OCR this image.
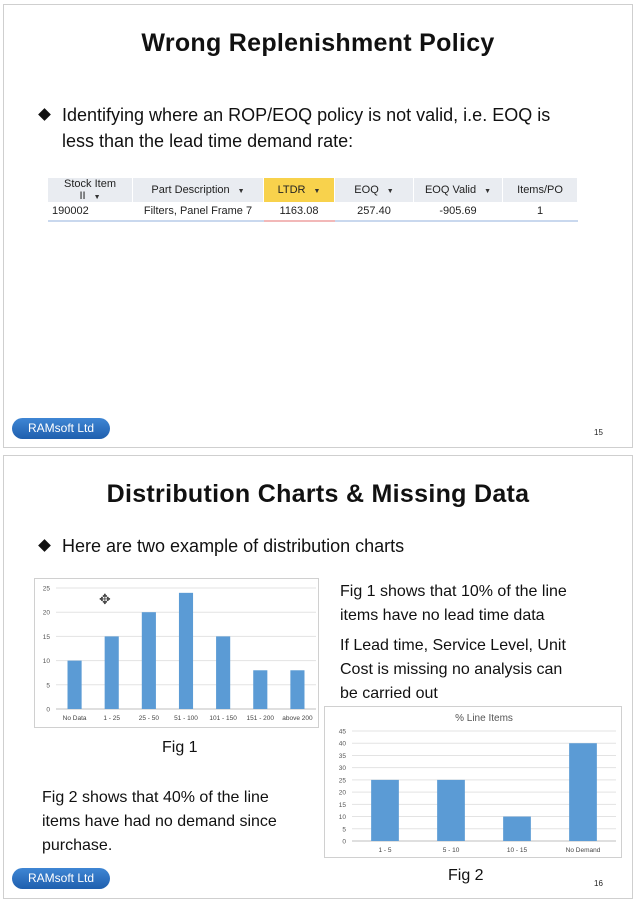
Wrong Replenishment Policy
Identifying where an ROP/EOQ policy is not valid, i.e. EOQ is
less than the lead time demand rate:
Stock Item II ▼	Part Description ▼	LTDR ▼	EOQ ▼	EOQ Valid ▼	Items/PO
190002	Filters, Panel Frame 7	1163.08	257.40	-905.69	1
RAMsoft Ltd	15
Distribution Charts & Missing Data
Here are two example of distribution charts
0
5
10
15
20
25
No Data	1 - 25	25 - 50 51 - 100 101 - 150 151 - 200 above 200
✥	Fig 1 shows that 10% of the line
items have no lead time data
If Lead time, Service Level, Unit
Cost is missing no analysis can
be carried out
Fig 1
% Line Items
0
5
10
15
20
25
30
35
40
45
1 - 5	5 - 10	10 - 15	No Demand
Fig 2 shows that 40% of the line
items have had no demand since
purchase.
Fig 2
RAMsoft Ltd	16
